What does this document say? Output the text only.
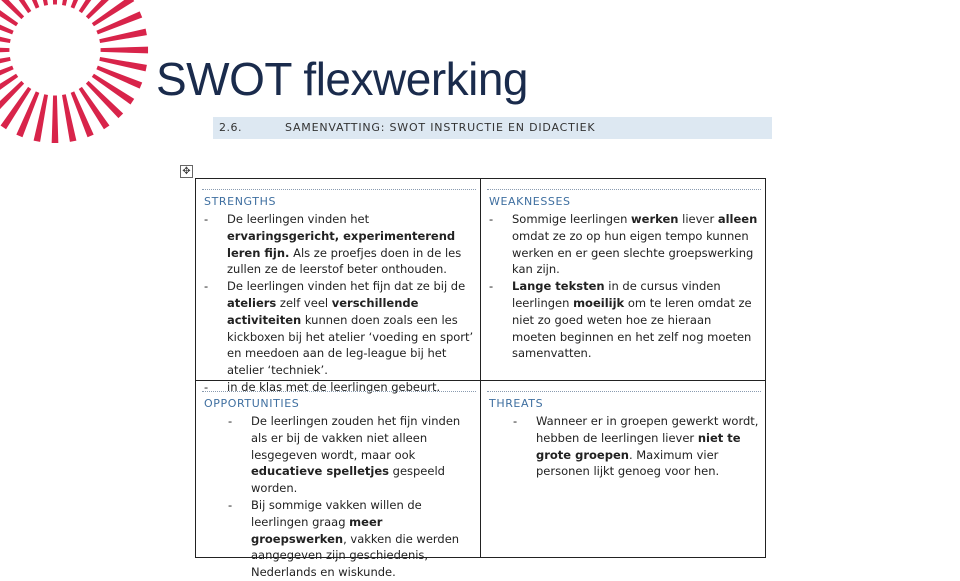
SWOT flexwerking
2.6.	SAMENVATTING: SWOT INSTRUCTIE EN DIDACTIEK
✥
STRENGTHS
- De leerlingen vinden het ervaringsgericht, experimenterend leren fijn. Als ze proefjes doen in de les zullen ze de leerstof beter onthouden.
- De leerlingen vinden het fijn dat ze bij de ateliers zelf veel verschillende activiteiten kunnen doen zoals een les kickboxen bij het atelier ‘voeding en sport’ en meedoen aan de leg-league bij het atelier ‘techniek’.
- in de klas met de leerlingen gebeurt.
WEAKNESSES
- Sommige leerlingen werken liever alleen omdat ze zo op hun eigen tempo kunnen werken en er geen slechte groepswerking kan zijn.
- Lange teksten in de cursus vinden leerlingen moeilijk om te leren omdat ze niet zo goed weten hoe ze hieraan moeten beginnen en het zelf nog moeten samenvatten.
OPPORTUNITIES
- De leerlingen zouden het fijn vinden als er bij de vakken niet alleen lesgegeven wordt, maar ook educatieve spelletjes gespeeld worden.
- Bij sommige vakken willen de leerlingen graag meer groepswerken, vakken die werden aangegeven zijn geschiedenis, Nederlands en wiskunde.
THREATS
- Wanneer er in groepen gewerkt wordt, hebben de leerlingen liever niet te grote groepen. Maximum vier personen lijkt genoeg voor hen.
